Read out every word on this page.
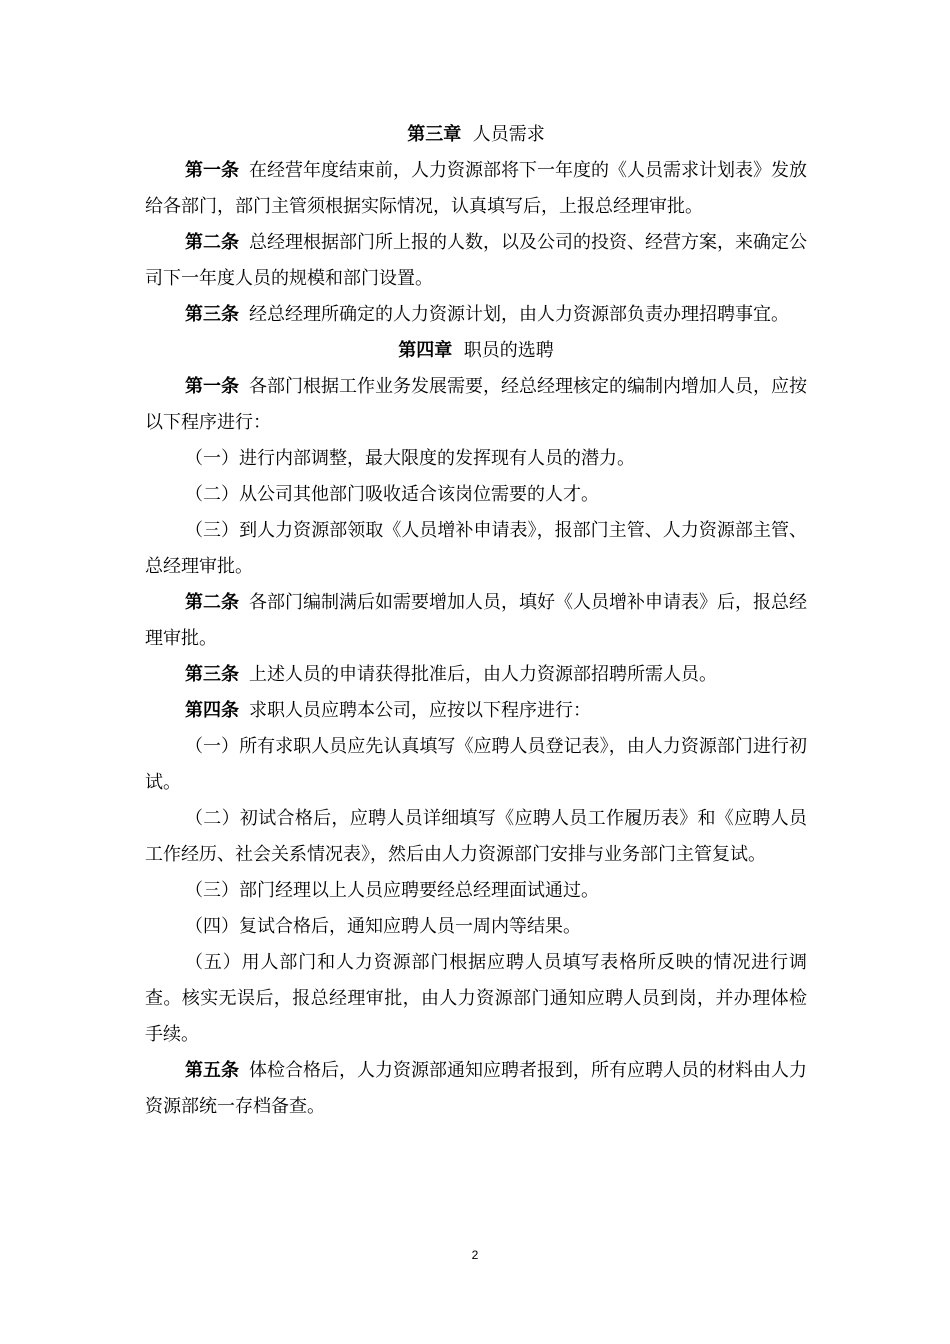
第三章 人员需求

第一条 在经营年度结束前，人力资源部将下一年度的《人员需求计划表》发放给各部门，部门主管须根据实际情况，认真填写后，上报总经理审批。

第二条 总经理根据部门所上报的人数，以及公司的投资、经营方案，来确定公司下一年度人员的规模和部门设置。

第三条 经总经理所确定的人力资源计划，由人力资源部负责办理招聘事宜。

第四章 职员的选聘

第一条 各部门根据工作业务发展需要，经总经理核定的编制内增加人员，应按以下程序进行：

（一）进行内部调整，最大限度的发挥现有人员的潜力。

（二）从公司其他部门吸收适合该岗位需要的人才。

（三）到人力资源部领取《人员增补申请表》，报部门主管、人力资源部主管、总经理审批。

第二条 各部门编制满后如需要增加人员，填好《人员增补申请表》后，报总经理审批。

第三条 上述人员的申请获得批准后，由人力资源部招聘所需人员。

第四条 求职人员应聘本公司，应按以下程序进行：

（一）所有求职人员应先认真填写《应聘人员登记表》，由人力资源部门进行初试。

（二）初试合格后，应聘人员详细填写《应聘人员工作履历表》和《应聘人员工作经历、社会关系情况表》，然后由人力资源部门安排与业务部门主管复试。

（三）部门经理以上人员应聘要经总经理面试通过。

（四）复试合格后，通知应聘人员一周内等结果。

（五）用人部门和人力资源部门根据应聘人员填写表格所反映的情况进行调查。核实无误后，报总经理审批，由人力资源部门通知应聘人员到岗，并办理体检手续。

第五条 体检合格后，人力资源部通知应聘者报到，所有应聘人员的材料由人力资源部统一存档备查。

2
